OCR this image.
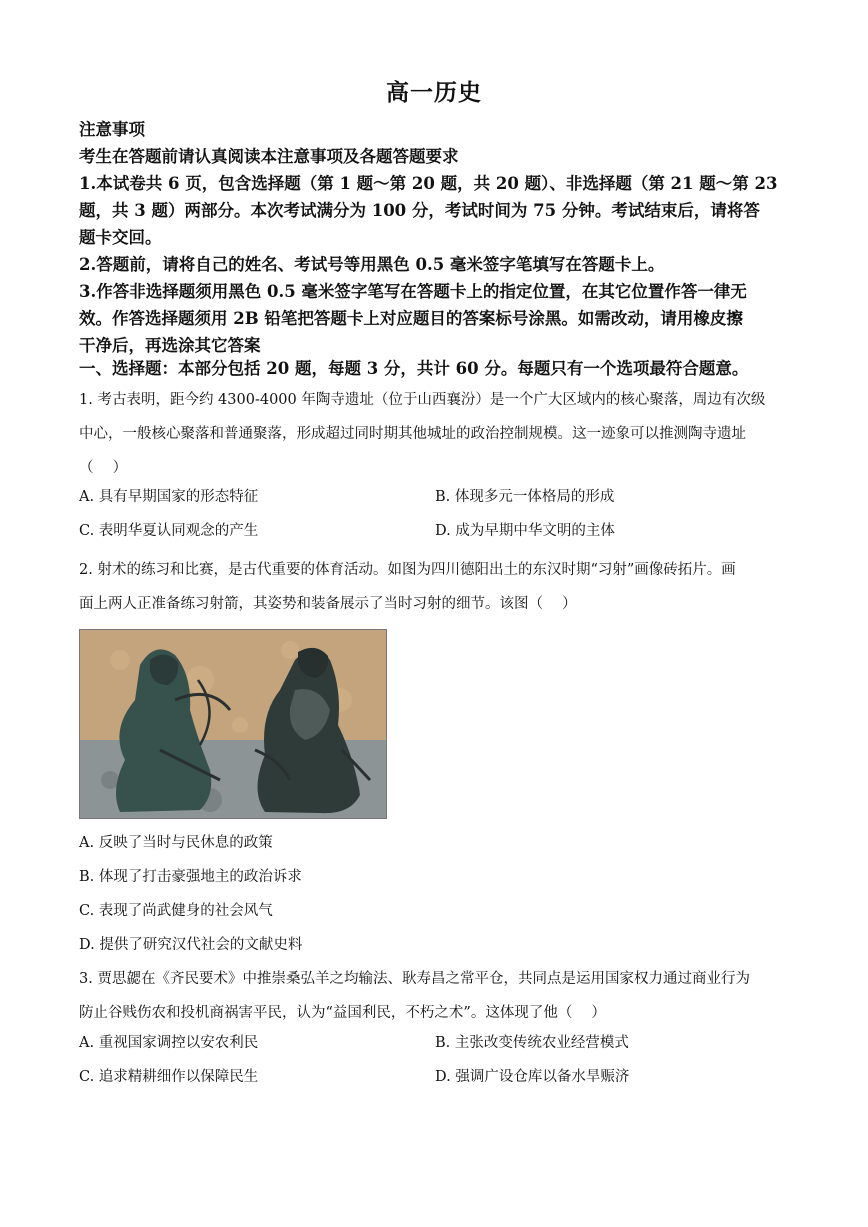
高一历史

注意事项

考生在答题前请认真阅读本注意事项及各题答题要求

1.本试卷共 6 页，包含选择题（第 1 题～第 20 题，共 20 题）、非选择题（第 21 题～第 23

题，共 3 题）两部分。本次考试满分为 100 分，考试时间为 75 分钟。考试结束后，请将答

题卡交回。

2.答题前，请将自己的姓名、考试号等用黑色 0.5 毫米签字笔填写在答题卡上。

3.作答非选择题须用黑色 0.5 毫米签字笔写在答题卡上的指定位置，在其它位置作答一律无

效。作答选择题须用 2B 铅笔把答题卡上对应题目的答案标号涂黑。如需改动，请用橡皮擦

干净后，再选涂其它答案

一、选择题：本部分包括 20 题，每题 3 分，共计 60 分。每题只有一个选项最符合题意。

1. 考古表明，距今约 4300-4000 年陶寺遗址（位于山西襄汾）是一个广大区域内的核心聚落，周边有次级

中心，一般核心聚落和普通聚落，形成超过同时期其他城址的政治控制规模。这一迹象可以推测陶寺遗址

（　 ）

A. 具有早期国家的形态特征	B. 体现多元一体格局的形成
C. 表明华夏认同观念的产生	D. 成为早期中华文明的主体

2. 射术的练习和比赛，是古代重要的体育活动。如图为四川德阳出土的东汉时期“习射”画像砖拓片。画

面上两人正准备练习射箭，其姿势和装备展示了当时习射的细节。该图（　 ）

A. 反映了当时与民休息的政策
B. 体现了打击豪强地主的政治诉求
C. 表现了尚武健身的社会风气
D. 提供了研究汉代社会的文献史料

3. 贾思勰在《齐民要术》中推崇桑弘羊之均输法、耿寿昌之常平仓，共同点是运用国家权力通过商业行为

防止谷贱伤农和投机商祸害平民，认为“益国利民，不朽之术”。这体现了他（　 ）

A. 重视国家调控以安农利民	B. 主张改变传统农业经营模式
C. 追求精耕细作以保障民生	D. 强调广设仓库以备水旱赈济
